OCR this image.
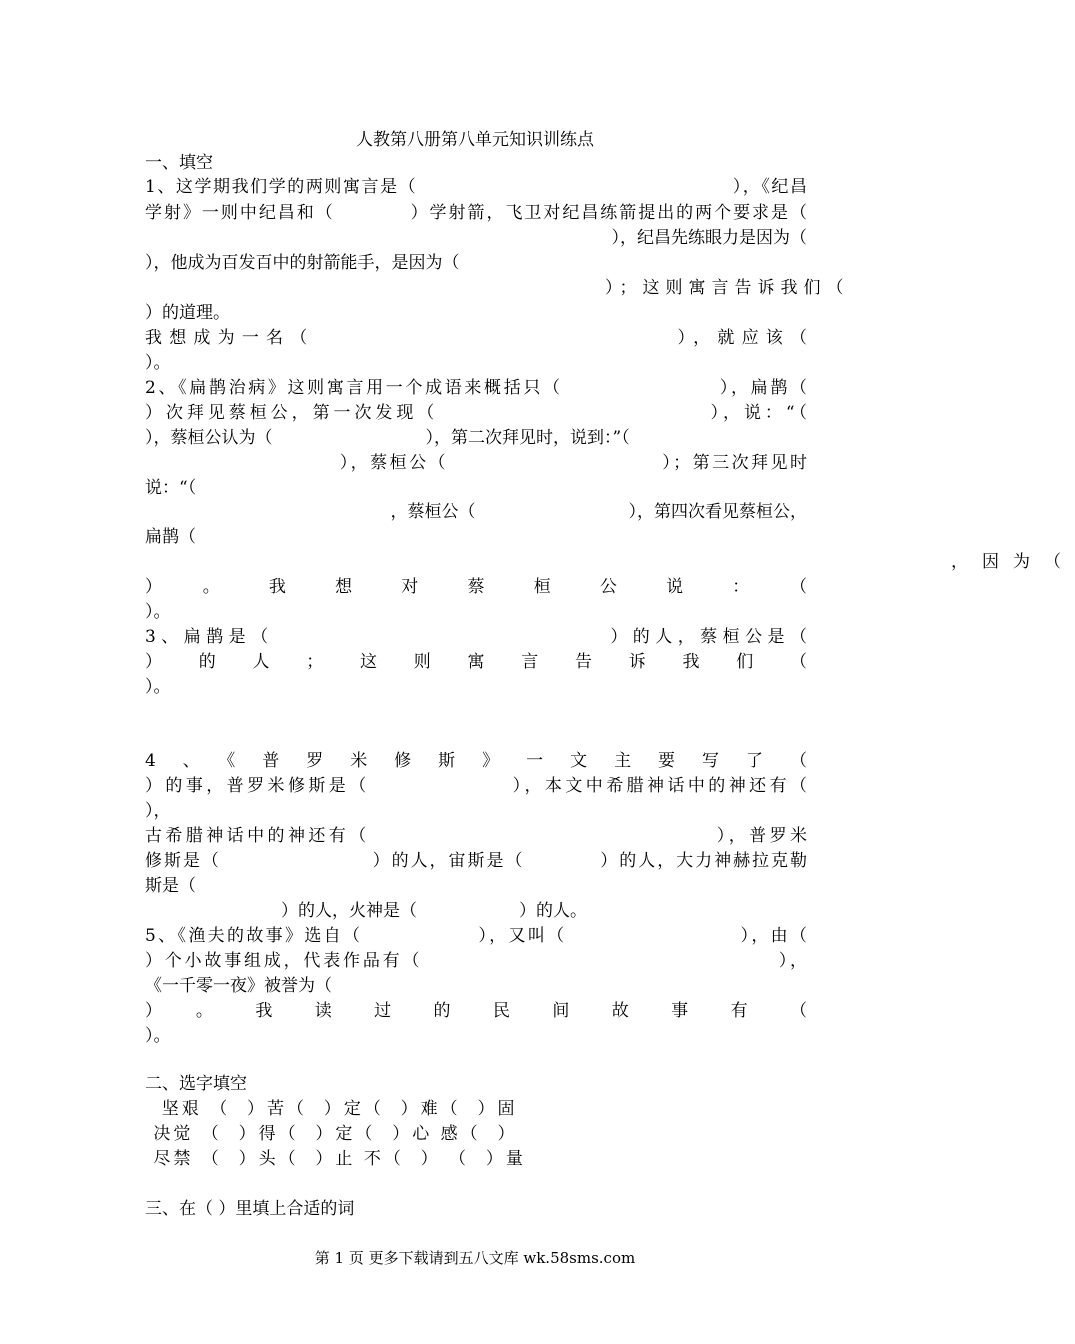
人教第八册第八单元知识训练点
一、填空
1、这学期我们学的两则寓言是（　　　　　　　　　　　　　　　　　），《纪昌
学射》一则中纪昌和（　　　　）学射箭，飞卫对纪昌练箭提出的两个要求是（
　　　　　　　　　　　　　　　　　　　　），纪昌先练眼力是因为（
），他成为百发百中的射箭能手，是因为（
　　　　　　　　　　　　　　　　　　　　）；这则寓言告诉我们（
）的道理。
我想成为一名（　　　　　　　　　　　　　　　），就应该（
）。
2、《扁鹊治病》这则寓言用一个成语来概括只（　　　　　　　　），扁鹊（
）次拜见蔡桓公，第一次发现（　　　　　　　　　　　　　），说：“（
），蔡桓公认为（　　　　　　　　　），第二次拜见时，说到：”（
　　　　　　　　　　），蔡桓公（　　　　　　　　　　　）；第三次拜见时
说：“（
　　　　　　　　　，蔡桓公（　　　　　　　　　），第四次看见蔡桓公，
扁鹊（
　　　　　　　　　　　　　　　　　　　　　　　　　　，因为（
）。我想对蔡桓公说：（
）。
3、扁鹊是（　　　　　　　　　　　　　　　）的人，蔡桓公是（
）的人；这则寓言告诉我们（
）。
4、《普罗米修斯》一文主要写了（
）的事，普罗米修斯是（　　　　　　　），本文中希腊神话中的神还有（
），
古希腊神话中的神还有（　　　　　　　　　　　　　　　　　），普罗米
修斯是（　　　　　　　　）的人，宙斯是（　　　　）的人，大力神赫拉克勒
斯是（
　　　　　　　　）的人，火神是（　　　　　　）的人。
5、《渔夫的故事》选自（　　　　　　），又叫（　　　　　　　　　），由（
）个小故事组成，代表作品有（　　　　　　　　　　　　　　　　　　），
《一千零一夜》被誉为（
）。我读过的民间故事有（
）。
二、选字填空
坚艰 （  ）苦（  ）定（  ）难（  ）固
决觉 （  ）得（  ）定（  ）心 感（  ）
尽禁 （  ）头（  ）止 不（  ） （  ）量
三、在（ ）里填上合适的词
第 1 页 更多下载请到五八文库 wk.58sms.com
